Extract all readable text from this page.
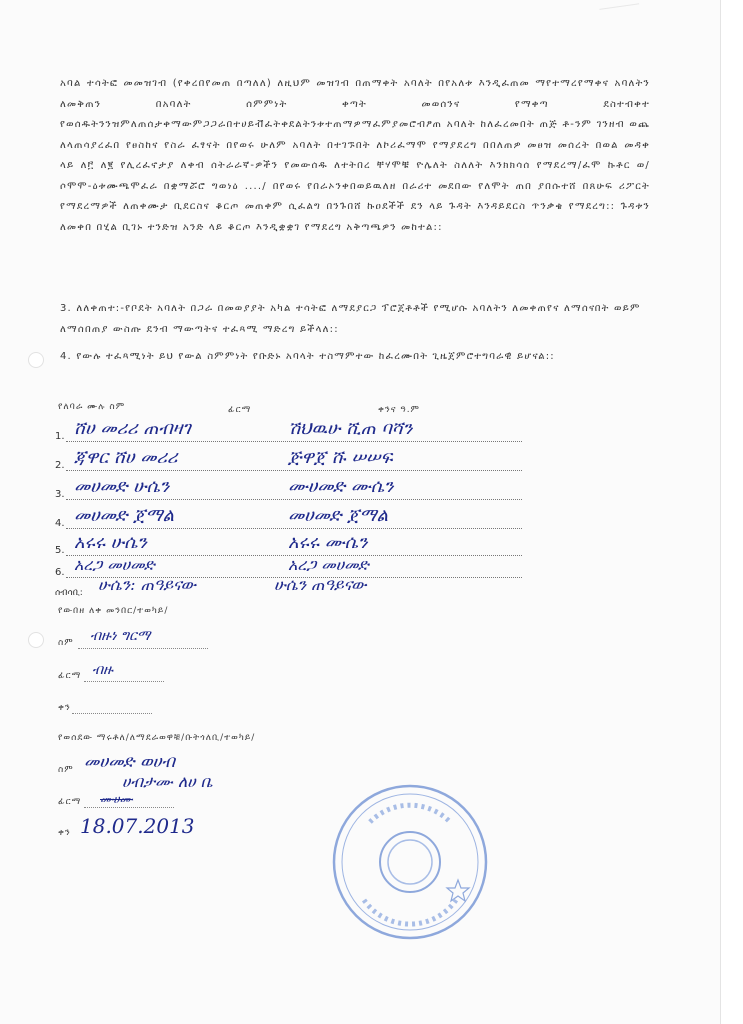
አባል ተሳትፎ መመዝገብ (የቀረበየመጠ በጣለለ) ለዚህም መዝገብ በጠማቀት አባለት በየአለቱ እንዲፈጠመ ማየተማረየማቀና አባለትን ለመቅጠን በአባለት ሰምምነት ቀጣት መወሰንና የማቀጣ ደስተብቀተ የወሰዱትንንዝምለጠሰታቀማውምጋጋራበተሀይቭፈትቀደልትንቱተጠማዎማፈምያመሮብፆጠ አባለት ከለፈረመበት ጠጅ ቶ-ንም ገንዘብ ወጨ ለላጠሳያረፈበ የፀስከና የስራ ፈፃናት በየወሩ ሁለም አባለት በተገኙበት ለኮሪፈማሞ የማያደረግ በበለጠዎ መፀዝ መሰረት በወል መዳቀ ላይ ለ፫ ለ፪ የሊረፈኖታያ ለቀብ ሰትራራኛ-ዎችን የመውሰዱ ለተትበረ ቸሃሞቹ ዮሌለት ስለለት እንክክሳሰ የማደረማ/ፈሞ ኩቶር ወ/ ሶሞሞ-ዕቱሙጫሞፈራ በቋማሯሮ ግወነዕ ..../ በየወሩ የበራኦንቀበወይዉለዘ በራሪተ መደበው የለሞት ጠበ ያበሱተሸ በጸሁፍ ሪፖርት የማደረማዎች ለጠቀሙታ ቢደርስና ቆርጦ መጠቀም ሲፈልግ በንጉበሸ ኩዐደችች ደን ላይ ጉዳት እንዳይደርስ ጥንቃቄ የማደረግ:: ጉዳቱን ለመቀበ በሂል ቢገኑ ተንድዝ አንድ ላይ ቆርጦ እንዲቋቋገ የማደረግ አቅጣጫዎን መከተል::

3. ለለቀጠተ:-የቦደት አባለት በጋራ በመወያያት አካል ተሳትፎ ለማደያርጋ ፕሮጀቶቶች የሚሆሱ አባለትን ለመቀጠየና ለማሰናበት ወይም ለማሰበጠያ ውስጡ ደንብ ማውጣትና ተፈጻሚ ማድረግ ይችላለ::

4. የውሉ ተፈጻሚነት ይህ የውል ስምምነት የቡድኑ አባላት ተስማምተው ከፈረሙበት ጊዜጀምሮተግባራዊ ይሆናል::

የለባራ ሙሉ ስም	ፊርማ	ቀንና ዓ.ም
1. ሸሀ መሪሪ ጠብዛገ	ሽህዉሁ ሺጠ ባሻን
2. ጃዋር ሸሀ መሪሪ	ጅዋጀ ሹ ሠሠፍ
3. መሀመድ ሁሴን	ሙሀመድ ሙሴን
4. መሀመድ ጀማል	መሀመድ ጀማል
5. አሩሩ ሁሴን	አሩሩ ሙሴን
6. አረጋ መሀመድ	አረጋ መሀመድ
ሰብሳቢ: ሁሴን: ጠዓይናው	ሁሴን ጠዓይናው
የውበዘ ለቀ መንበር/ተወካይ/
ስም ብዙነ ግርማ
ፊርማ ብዙ
ቀን
የወሰደው ማሩቶለ/ለማደራወዋቹ/ቡትጎለቢ/ተወካይ/
ስም መሀመድ ወሀብ
ሀብታሙ ለሀ ቤ
ፊርማ ሙሀሙ
ቀን 18.07.2013
